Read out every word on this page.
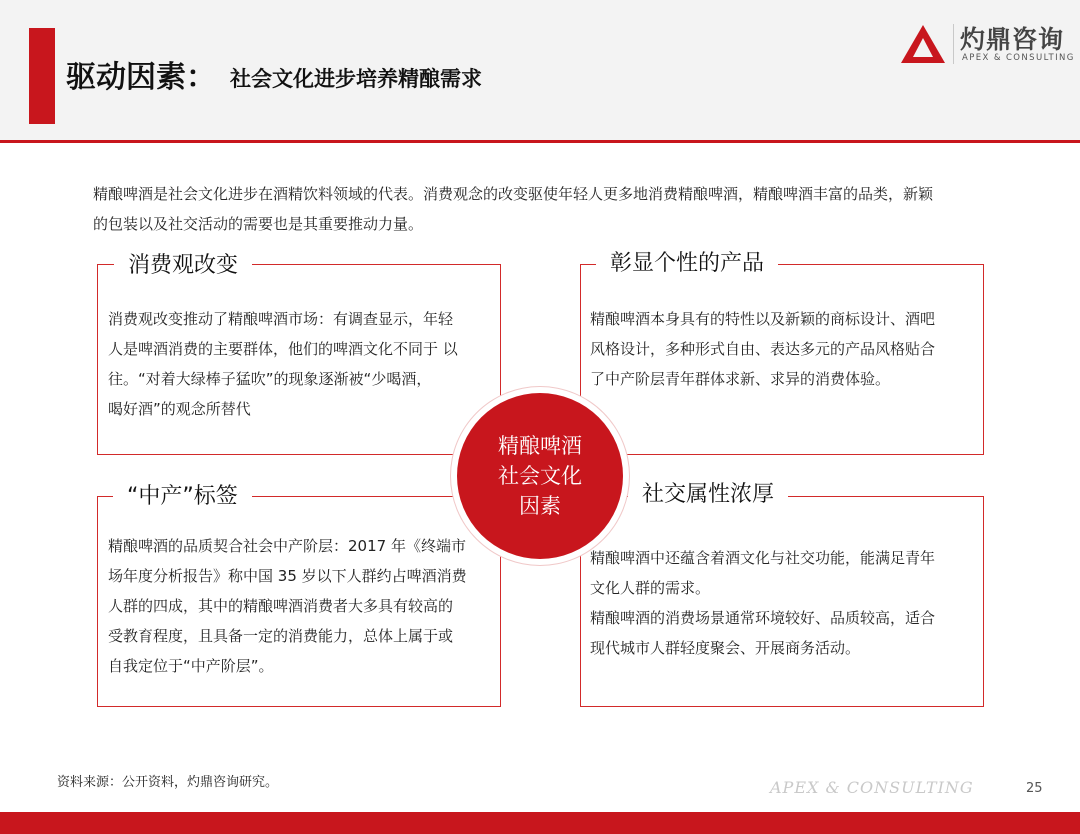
驱动因素： 社会文化进步培养精酿需求
灼鼎咨询
APEX & CONSULTING
精酿啤酒是社会文化进步在酒精饮料领域的代表。消费观念的改变驱使年轻人更多地消费精酿啤酒，精酿啤酒丰富的品类，新颖
的包装以及社交活动的需要也是其重要推动力量。
消费观改变
消费观改变推动了精酿啤酒市场：有调查显示，年轻
人是啤酒消费的主要群体，他们的啤酒文化不同于 以
往。“对着大绿棒子猛吹”的现象逐渐被“少喝酒，
喝好酒”的观念所替代
彰显个性的产品
精酿啤酒本身具有的特性以及新颖的商标设计、酒吧
风格设计，多种形式自由、表达多元的产品风格贴合
了中产阶层青年群体求新、求异的消费体验。
“中产”标签
精酿啤酒的品质契合社会中产阶层：2017 年《终端市
场年度分析报告》称中国 35 岁以下人群约占啤酒消费
人群的四成，其中的精酿啤酒消费者大多具有较高的
受教育程度，且具备一定的消费能力，总体上属于或
自我定位于“中产阶层”。
社交属性浓厚
精酿啤酒中还蕴含着酒文化与社交功能，能满足青年
文化人群的需求。
精酿啤酒的消费场景通常环境较好、品质较高，适合
现代城市人群轻度聚会、开展商务活动。
精酿啤酒
社会文化
因素
资料来源：公开资料，灼鼎咨询研究。	APEX & CONSULTING	25
